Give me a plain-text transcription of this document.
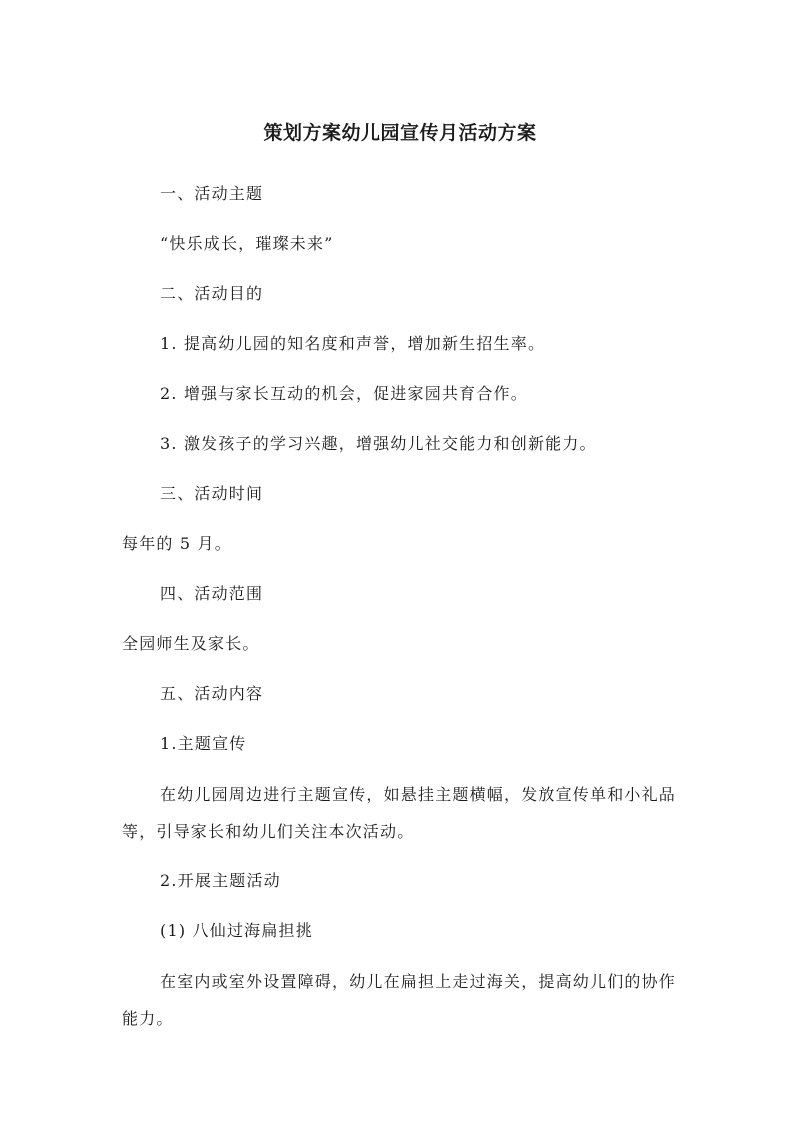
策划方案幼儿园宣传月活动方案
一、活动主题
“快乐成长，璀璨未来”
二、活动目的
1. 提高幼儿园的知名度和声誉，增加新生招生率。
2. 增强与家长互动的机会，促进家园共育合作。
3. 激发孩子的学习兴趣，增强幼儿社交能力和创新能力。
三、活动时间
每年的 5 月。
四、活动范围
全园师生及家长。
五、活动内容
1.主题宣传
在幼儿园周边进行主题宣传，如悬挂主题横幅，发放宣传单和小礼品等，引导家长和幼儿们关注本次活动。
2.开展主题活动
(1) 八仙过海扁担挑
在室内或室外设置障碍，幼儿在扁担上走过海关，提高幼儿们的协作能力。
